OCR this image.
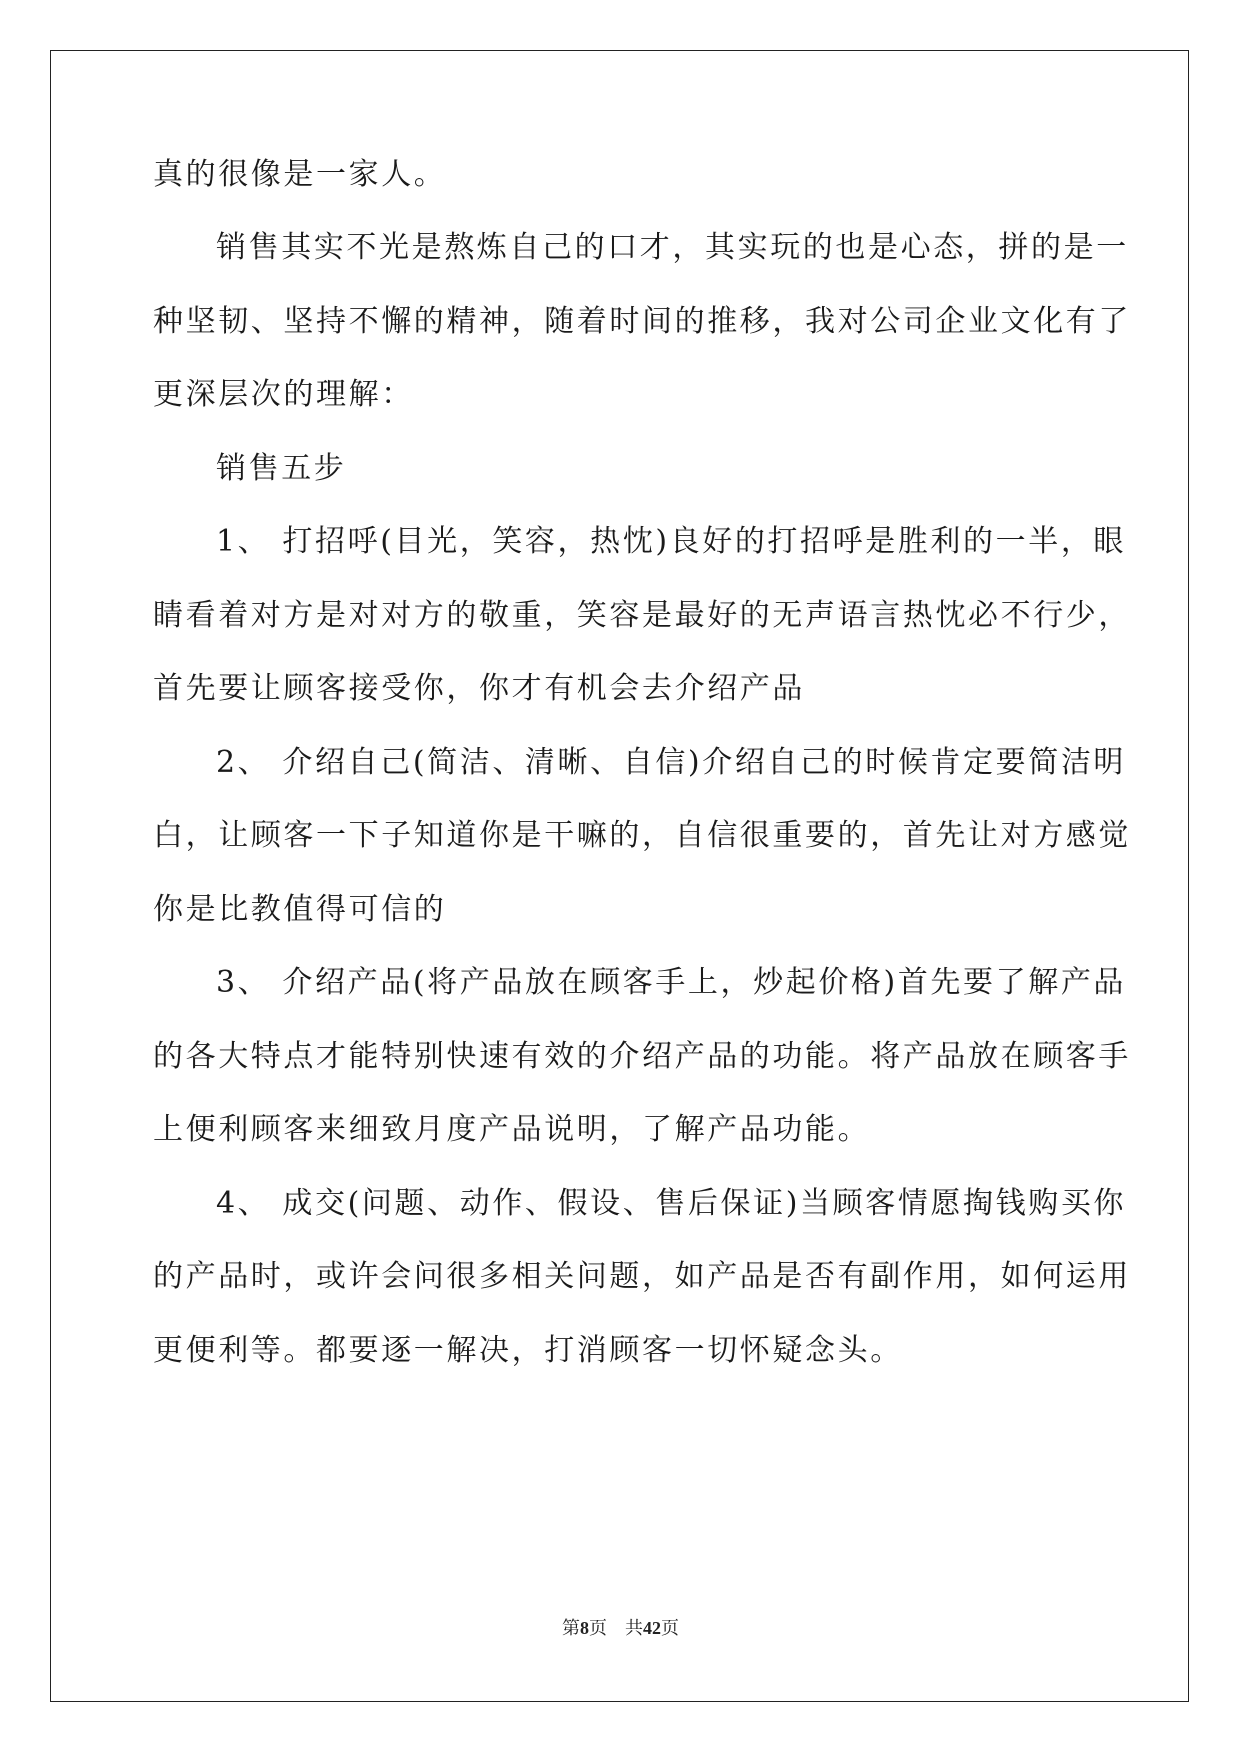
真的很像是一家人。
销售其实不光是熬炼自己的口才，其实玩的也是心态，拼的是一
种坚韧、坚持不懈的精神，随着时间的推移，我对公司企业文化有了
更深层次的理解：
销售五步
1、 打招呼(目光，笑容，热忱)良好的打招呼是胜利的一半，眼
睛看着对方是对对方的敬重，笑容是最好的无声语言热忱必不行少，
首先要让顾客接受你，你才有机会去介绍产品
2、 介绍自己(简洁、清晰、自信)介绍自己的时候肯定要简洁明
白，让顾客一下子知道你是干嘛的，自信很重要的，首先让对方感觉
你是比教值得可信的
3、 介绍产品(将产品放在顾客手上，炒起价格)首先要了解产品
的各大特点才能特别快速有效的介绍产品的功能。将产品放在顾客手
上便利顾客来细致月度产品说明，了解产品功能。
4、 成交(问题、动作、假设、售后保证)当顾客情愿掏钱购买你
的产品时，或许会问很多相关问题，如产品是否有副作用，如何运用
更便利等。都要逐一解决，打消顾客一切怀疑念头。
第8页 共42页
